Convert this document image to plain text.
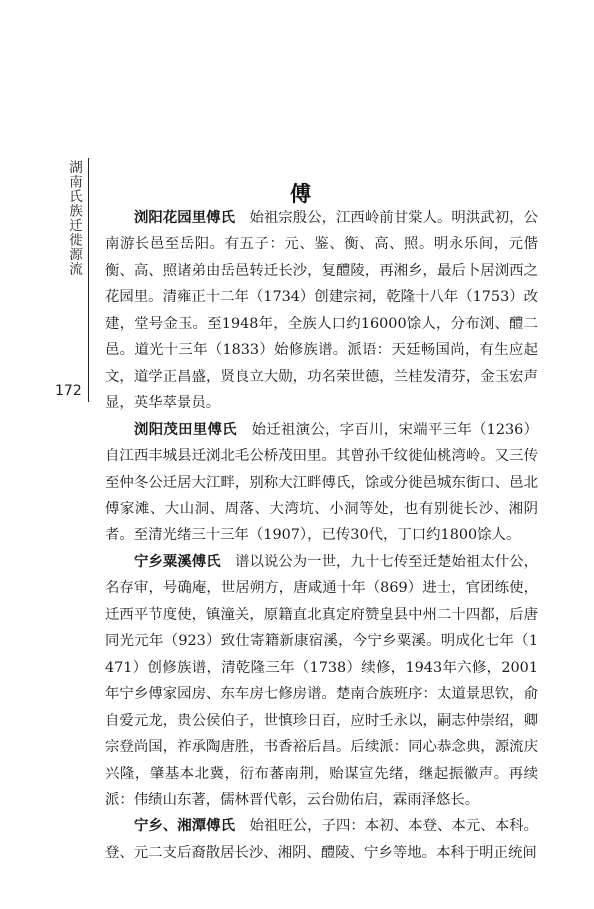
湖南氏族迁徙源流
172
傅

浏阳花园里傅氏　 始祖宗殷公，江西岭前甘棠人。明洪武初，公南游长邑至岳阳。有五子：元、鉴、衡、高、照。明永乐间，元偕衡、高、照诸弟由岳邑转迁长沙，复醴陵，再湘乡，最后卜居浏西之花园里。清雍正十二年（1734）创建宗祠，乾隆十八年（1753）改建，堂号金玉。至1948年，全族人口约16000馀人，分布浏、醴二邑。道光十三年（1833）始修族谱。派语：天廷畅国尚，有生应起文，道学正昌盛，贤良立大勋，功名荣世德，兰桂发清芬，金玉宏声显，英华萃景员。

浏阳茂田里傅氏　 始迁祖演公，字百川，宋端平三年（1236）自江西丰城县迁浏北毛公桥茂田里。其曾孙千纹徙仙桃湾岭。又三传至仲冬公迁居大江畔，别称大江畔傅氏，馀或分徙邑城东街口、邑北傅家滩、大山洞、周落、大湾坑、小洞等处，也有别徙长沙、湘阴者。至清光绪三十三年（1907），已传30代，丁口约1800馀人。

宁乡粟溪傅氏　 谱以说公为一世，九十七传至迁楚始祖太什公，名存审，号确庵，世居朔方，唐咸通十年（869）进士，官团练使，迁西平节度使，镇潼关，原籍直北真定府赞皇县中州二十四都，后唐同光元年（923）致仕寄籍新康宿溪，今宁乡粟溪。明成化七年（1471）创修族谱，清乾隆三年（1738）续修，1943年六修，2001年宁乡傅家园房、东车房七修房谱。楚南合族班序：太道景思钦，俞自爱元龙，贵公侯伯子，世慎珍日百，应时壬永以，嗣志仲崇绍，卿宗登尚国，祚承陶唐胜，书香裕后昌。后续派：同心恭念典，源流庆兴隆，肇基本北冀，衍布蕃南荆，贻谋宣先绪，继起振徽声。再续派：伟绩山东著，儒林晋代彰，云台勋佑启，霖雨泽悠长。

宁乡、湘潭傅氏　 始祖旺公，子四：本初、本登、本元、本科。登、元二支后裔散居长沙、湘阴、醴陵、宁乡等地。本科于明正统间
